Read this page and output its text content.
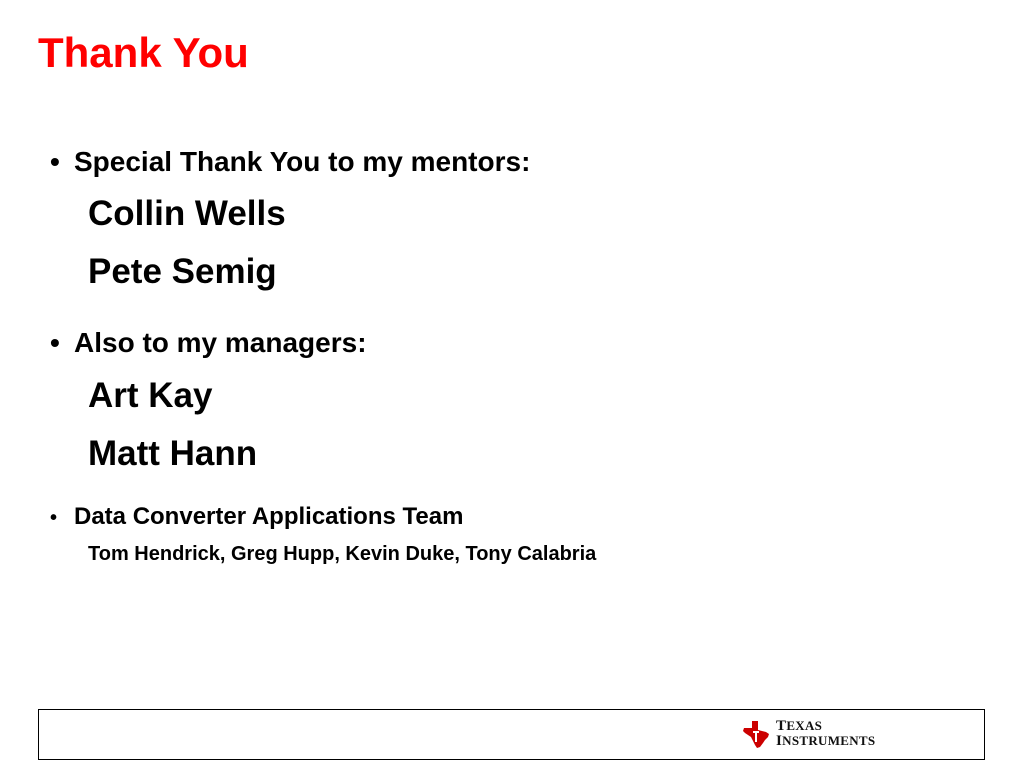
Thank You

• Special Thank You to my mentors:

Collin Wells

Pete Semig

• Also to my managers:

Art Kay

Matt Hann

• Data Converter Applications Team

Tom Hendrick, Greg Hupp, Kevin Duke, Tony Calabria

TEXAS
INSTRUMENTS
